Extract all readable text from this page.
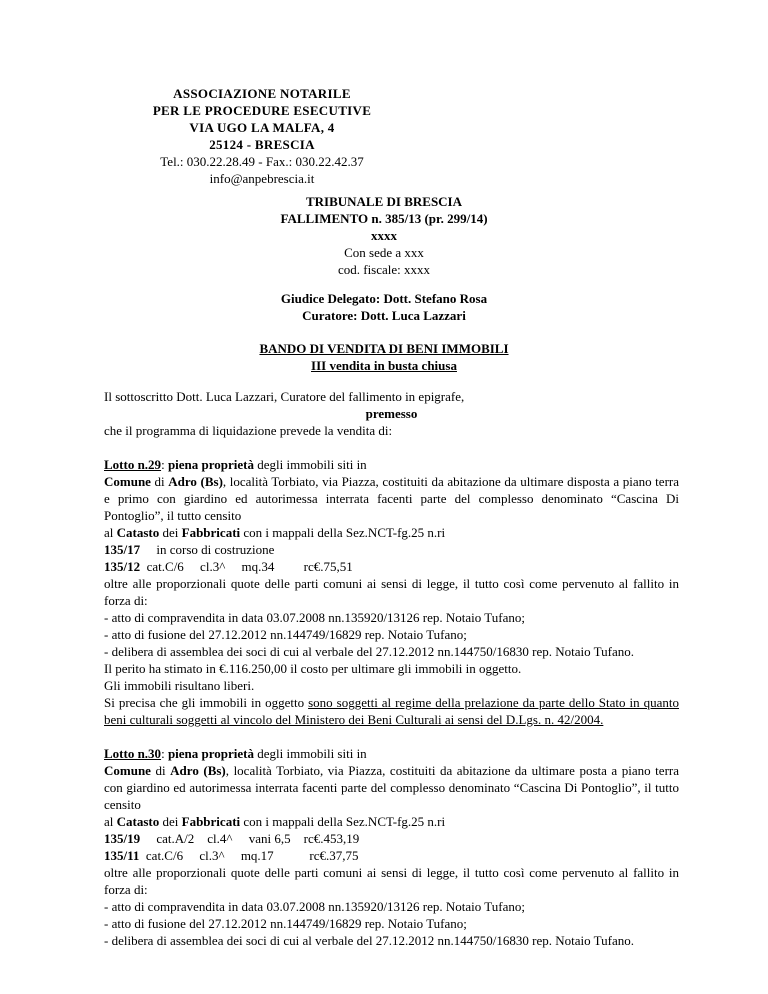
ASSOCIAZIONE NOTARILE
PER LE PROCEDURE ESECUTIVE
VIA UGO LA MALFA, 4
25124 - BRESCIA
Tel.: 030.22.28.49 - Fax.: 030.22.42.37
info@anpebrescia.it
TRIBUNALE DI BRESCIA
FALLIMENTO n. 385/13 (pr. 299/14)
xxxx
Con sede a xxx
cod. fiscale: xxxx
Giudice Delegato: Dott. Stefano Rosa
Curatore: Dott. Luca Lazzari
BANDO DI VENDITA DI BENI IMMOBILI
III vendita in busta chiusa

Il sottoscritto Dott. Luca Lazzari, Curatore del fallimento in epigrafe,

premesso

che il programma di liquidazione prevede la vendita di:

Lotto n.29: piena proprietà degli immobili siti in

Comune di Adro (Bs), località Torbiato, via Piazza, costituiti da abitazione da ultimare disposta a piano terra e primo con giardino ed autorimessa interrata facenti parte del complesso denominato “Cascina Di Pontoglio”, il tutto censito

al Catasto dei Fabbricati con i mappali della Sez.NCT-fg.25 n.ri

135/17     in corso di costruzione

135/12  cat.C/6     cl.3^     mq.34         rc€.75,51

oltre alle proporzionali quote delle parti comuni ai sensi di legge, il tutto così come pervenuto al fallito in forza di:

- atto di compravendita in data 03.07.2008 nn.135920/13126 rep. Notaio Tufano;

- atto di fusione del 27.12.2012 nn.144749/16829 rep. Notaio Tufano;

- delibera di assemblea dei soci di cui al verbale del 27.12.2012 nn.144750/16830 rep. Notaio Tufano.

Il perito ha stimato in €.116.250,00 il costo per ultimare gli immobili in oggetto.

Gli immobili risultano liberi.

Si precisa che gli immobili in oggetto sono soggetti al regime della prelazione da parte dello Stato in quanto beni culturali soggetti al vincolo del Ministero dei Beni Culturali ai sensi del D.Lgs. n. 42/2004.

Lotto n.30: piena proprietà degli immobili siti in

Comune di Adro (Bs), località Torbiato, via Piazza, costituiti da abitazione da ultimare posta a piano terra con giardino ed autorimessa interrata facenti parte del complesso denominato “Cascina Di Pontoglio”, il tutto censito

al Catasto dei Fabbricati con i mappali della Sez.NCT-fg.25 n.ri

135/19     cat.A/2    cl.4^     vani 6,5    rc€.453,19

135/11  cat.C/6     cl.3^     mq.17           rc€.37,75

oltre alle proporzionali quote delle parti comuni ai sensi di legge, il tutto così come pervenuto al fallito in forza di:

- atto di compravendita in data 03.07.2008 nn.135920/13126 rep. Notaio Tufano;

- atto di fusione del 27.12.2012 nn.144749/16829 rep. Notaio Tufano;

- delibera di assemblea dei soci di cui al verbale del 27.12.2012 nn.144750/16830 rep. Notaio Tufano.
